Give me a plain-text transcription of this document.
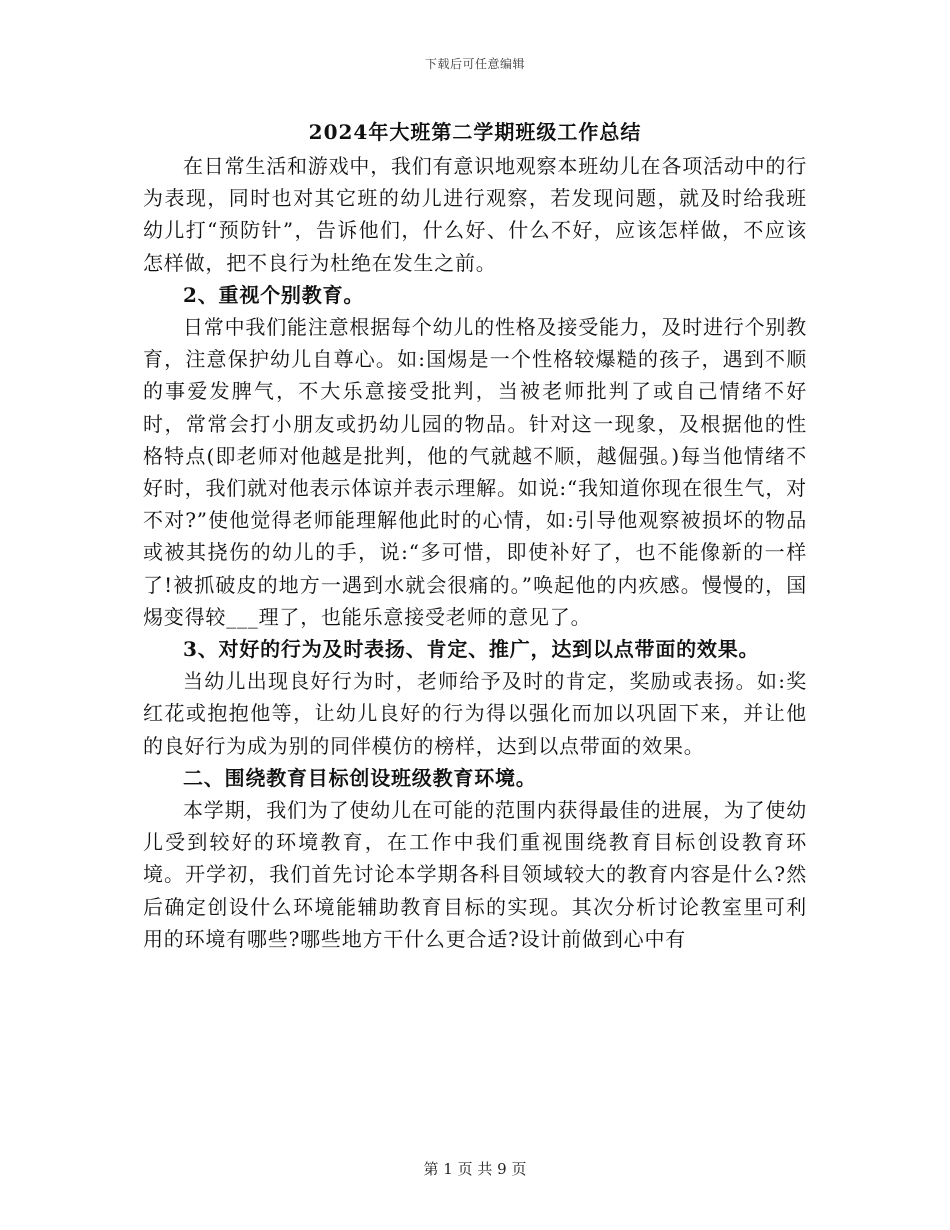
下载后可任意编辑
2024年大班第二学期班级工作总结

在日常生活和游戏中，我们有意识地观察本班幼儿在各项活动中的行为表现，同时也对其它班的幼儿进行观察，若发现问题，就及时给我班幼儿打“预防针”，告诉他们，什么好、什么不好，应该怎样做，不应该怎样做，把不良行为杜绝在发生之前。

2、重视个别教育。

日常中我们能注意根据每个幼儿的性格及接受能力，及时进行个别教育，注意保护幼儿自尊心。如:国焬是一个性格较爆糙的孩子，遇到不顺的事爱发脾气，不大乐意接受批判，当被老师批判了或自己情绪不好时，常常会打小朋友或扔幼儿园的物品。针对这一现象，及根据他的性格特点(即老师对他越是批判，他的气就越不顺，越倔强。)每当他情绪不好时，我们就对他表示体谅并表示理解。如说:“我知道你现在很生气，对不对?”使他觉得老师能理解他此时的心情，如:引导他观察被损坏的物品或被其挠伤的幼儿的手，说:“多可惜，即使补好了，也不能像新的一样了!被抓破皮的地方一遇到水就会很痛的。”唤起他的内疚感。慢慢的，国焬变得较___理了，也能乐意接受老师的意见了。

3、对好的行为及时表扬、肯定、推广，达到以点带面的效果。

当幼儿出现良好行为时，老师给予及时的肯定，奖励或表扬。如:奖红花或抱抱他等，让幼儿良好的行为得以强化而加以巩固下来，并让他的良好行为成为别的同伴模仿的榜样，达到以点带面的效果。

二、围绕教育目标创设班级教育环境。

本学期，我们为了使幼儿在可能的范围内获得最佳的进展，为了使幼儿受到较好的环境教育，在工作中我们重视围绕教育目标创设教育环境。开学初，我们首先讨论本学期各科目领域较大的教育内容是什么?然后确定创设什么环境能辅助教育目标的实现。其次分析讨论教室里可利用的环境有哪些?哪些地方干什么更合适?设计前做到心中有

第 1 页 共 9 页
